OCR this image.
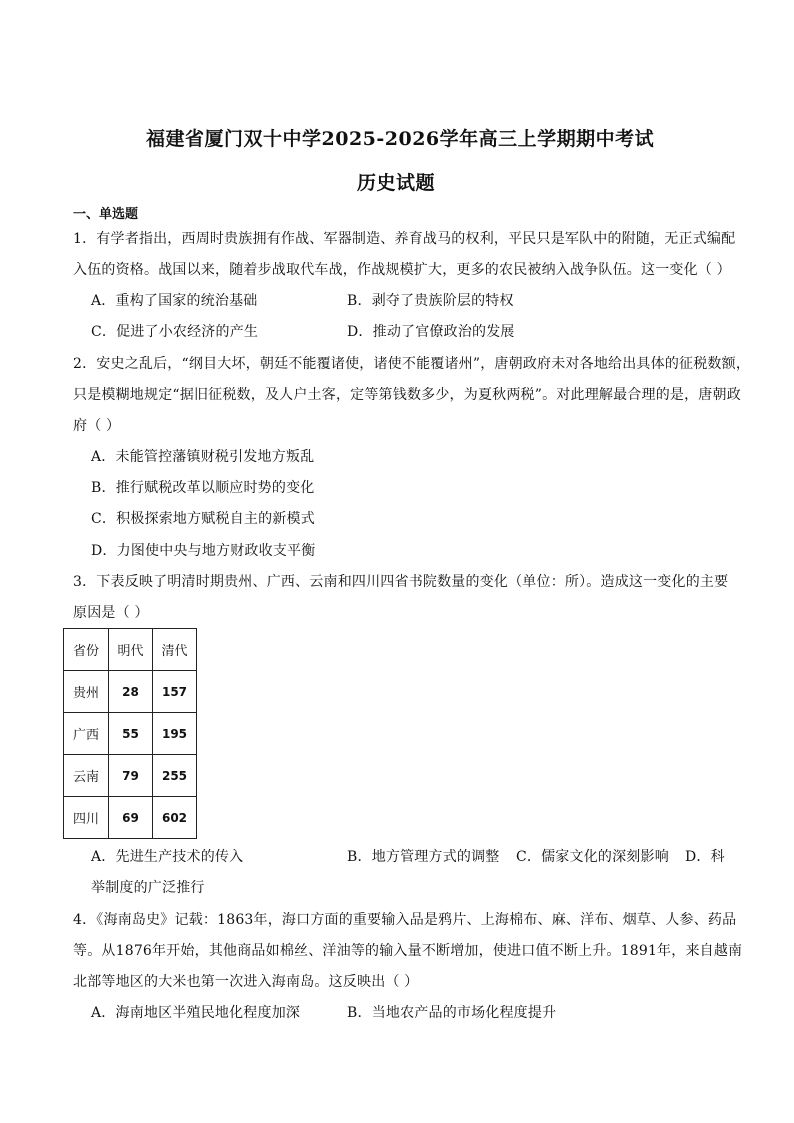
福建省厦门双十中学2025-2026学年高三上学期期中考试
历史试题
一、单选题
1．有学者指出，西周时贵族拥有作战、军器制造、养育战马的权利，平民只是军队中的附随，无正式编配
入伍的资格。战国以来，随着步战取代车战，作战规模扩大，更多的农民被纳入战争队伍。这一变化（ ）
A．重构了国家的统治基础	B．剥夺了贵族阶层的特权
C．促进了小农经济的产生	D．推动了官僚政治的发展
2．安史之乱后，“纲目大坏，朝廷不能覆诸使，诸使不能覆诸州”，唐朝政府未对各地给出具体的征税数额，
只是模糊地规定“据旧征税数，及人户土客，定等第钱数多少，为夏秋两税”。对此理解最合理的是，唐朝政
府（ ）
A．未能管控藩镇财税引发地方叛乱
B．推行赋税改革以顺应时势的变化
C．积极探索地方赋税自主的新模式
D．力图使中央与地方财政收支平衡
3．下表反映了明清时期贵州、广西、云南和四川四省书院数量的变化（单位：所）。造成这一变化的主要
原因是（ ）
省份	明代	清代
贵州	28	157
广西	55	195
云南	79	255
四川	69	602
A．先进生产技术的传入	B．地方管理方式的调整 C．儒家文化的深刻影响 D．科
举制度的广泛推行
4．《海南岛史》记载：1863年，海口方面的重要输入品是鸦片、上海棉布、麻、洋布、烟草、人参、药品
等。从1876年开始，其他商品如棉丝、洋油等的输入量不断增加，使进口值不断上升。1891年，来自越南
北部等地区的大米也第一次进入海南岛。这反映出（ ）
A．海南地区半殖民地化程度加深	B．当地农产品的市场化程度提升
